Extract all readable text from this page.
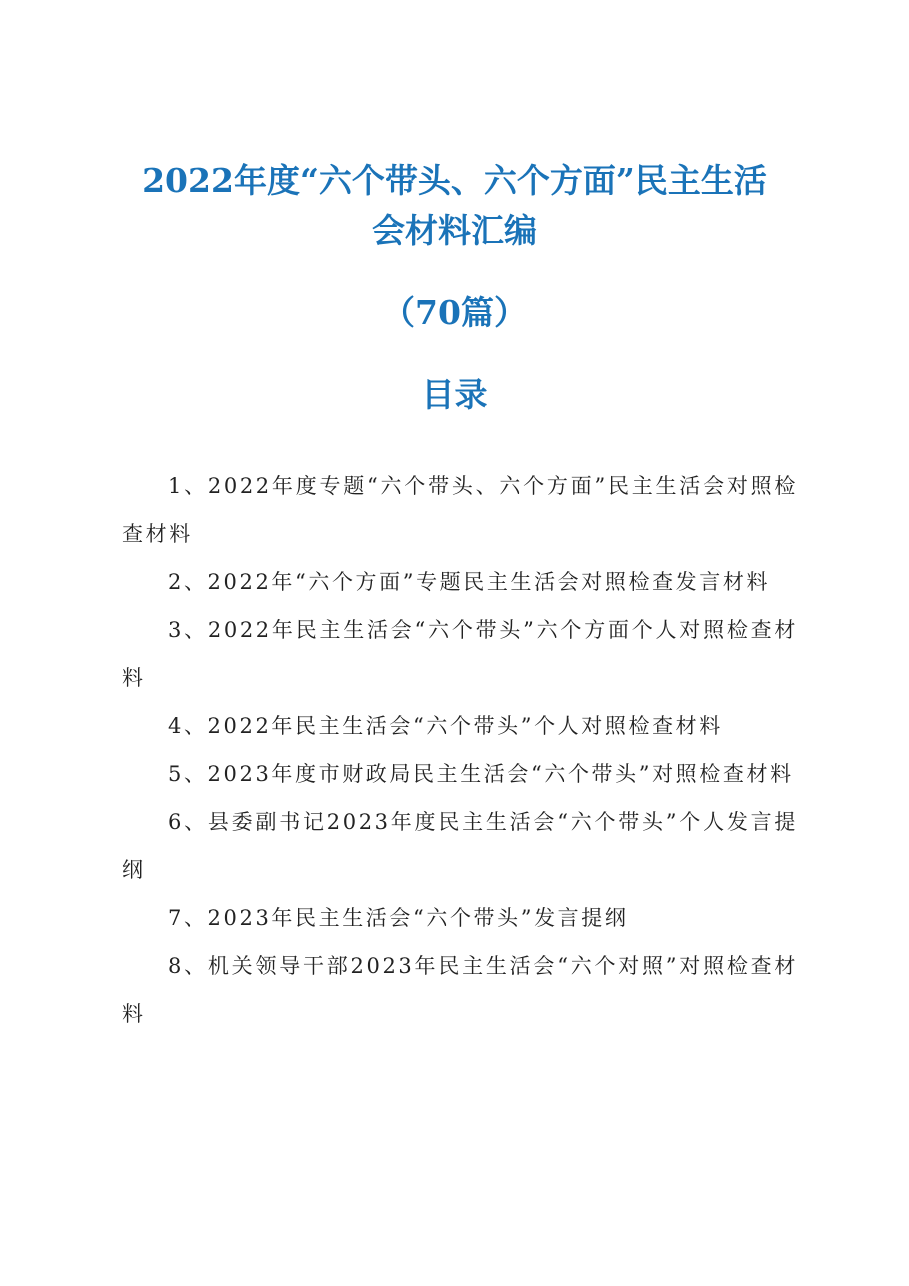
2022年度“六个带头、六个方面”民主生活
会材料汇编
（70篇）
目录
1、2022年度专题“六个带头、六个方面”民主生活会对照检查材料
2、2022年“六个方面”专题民主生活会对照检查发言材料
3、2022年民主生活会“六个带头”六个方面个人对照检查材料
4、2022年民主生活会“六个带头”个人对照检查材料
5、2023年度市财政局民主生活会“六个带头”对照检查材料
6、县委副书记2023年度民主生活会“六个带头”个人发言提纲
7、2023年民主生活会“六个带头”发言提纲
8、机关领导干部2023年民主生活会“六个对照”对照检查材料
